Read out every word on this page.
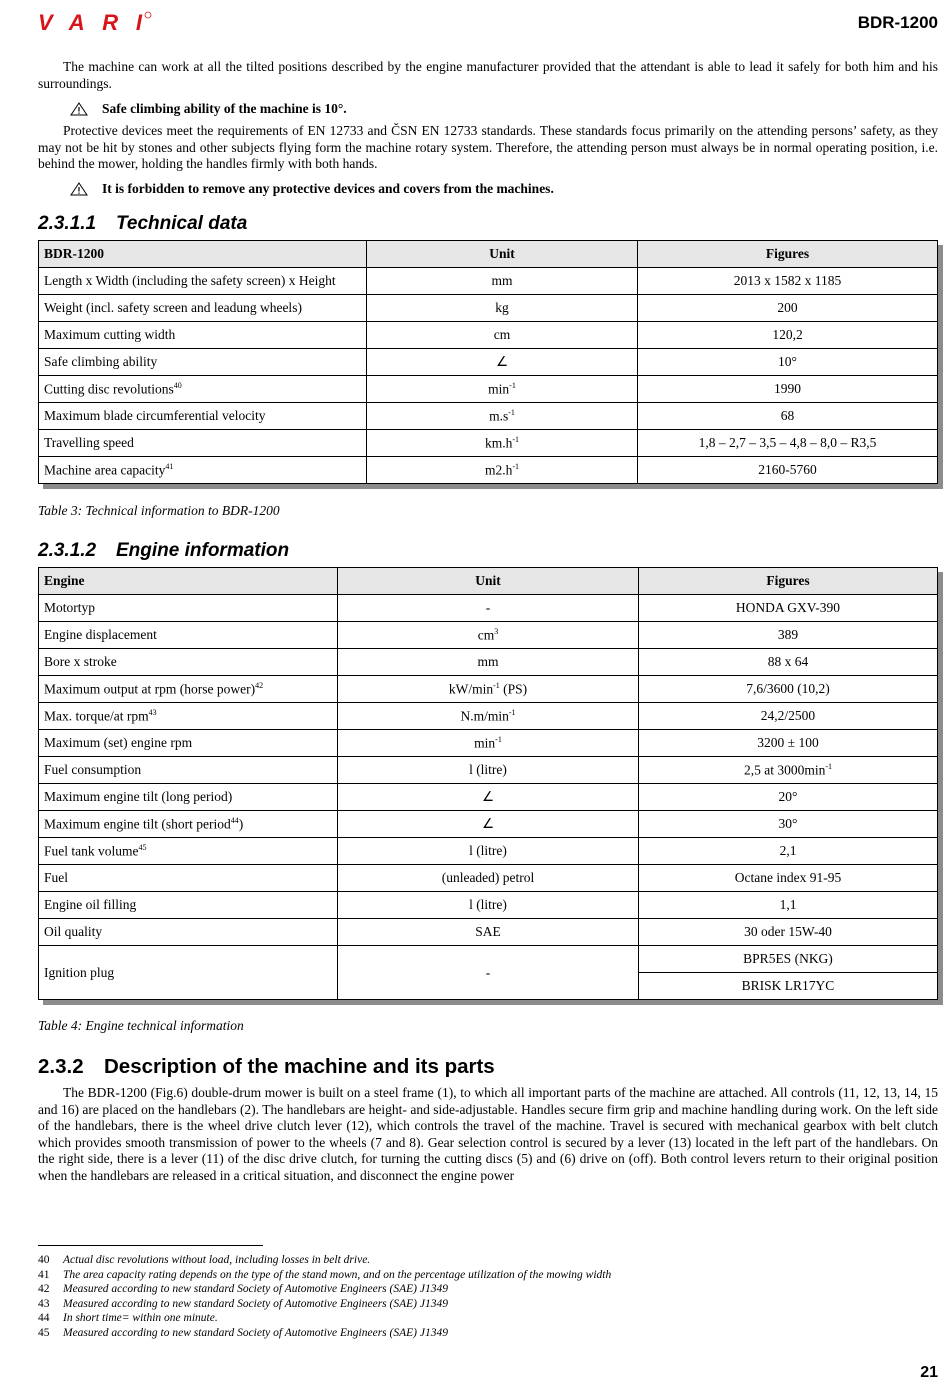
VARI	BDR-1200
The machine can work at all the tilted positions described by the engine manufacturer provided that the attendant is able to lead it safely for both him and his surroundings.
Safe climbing ability of the machine is 10°.
Protective devices meet the requirements of EN 12733 and ČSN EN 12733 standards. These standards focus primarily on the attending persons’ safety, as they may not be hit by stones and other subjects flying form the machine rotary system. Therefore, the attending person must always be in normal operating position, i.e. behind the mower, holding the handles firmly with both hands.
It is forbidden to remove any protective devices and covers from the machines.
2.3.1.1 Technical data
BDR-1200	Unit	Figures
Length x Width (including the safety screen) x Height	mm	2013 x 1582 x 1185
Weight (incl. safety screen and leadung wheels)	kg	200
Maximum cutting width	cm	120,2
Safe climbing ability	∠	10°
Cutting disc revolutions$^{40}$	$\min^{-1}$	1990
Maximum blade circumferential velocity	$m.s^{-1}$	68
Travelling speed	$km.h^{-1}$	1,8 – 2,7 – 3,5 – 4,8 – 8,0 – R3,5
Machine area capacity$^{41}$	$m2.h^{-1}$	2160-5760
Table 3: Technical information to BDR-1200
2.3.1.2 Engine information
Engine	Unit	Figures
Motortyp	-	HONDA GXV-390
Engine displacement	$cm^3$	389
Bore x stroke	mm	88 x 64
Maximum output at rpm (horse power)$^{42}$	$kW/\min^{-1}$ (PS)	7,6/3600 (10,2)
Max. torque/at rpm$^{43}$	$N.m/\min^{-1}$	24,2/2500
Maximum (set) engine rpm	$\min^{-1}$	3200 ± 100
Fuel consumption	l (litre)	2,5 at $3000\min^{-1}$
Maximum engine tilt (long period)	∠	20°
Maximum engine tilt (short period$^{44}$)	∠	30°
Fuel tank volume$^{45}$	l (litre)	2,1
Fuel	(unleaded) petrol	Octane index 91-95
Engine oil filling	l (litre)	1,1
Oil quality	SAE	30 oder 15W-40
Ignition plug	-	BPR5ES (NKG)
		BRISK LR17YC
Table 4: Engine technical information
2.3.2 Description of the machine and its parts
The BDR-1200 (Fig.6) double-drum mower is built on a steel frame (1), to which all important parts of the machine are attached. All controls (11, 12, 13, 14, 15 and 16) are placed on the handlebars (2). The handlebars are height- and side-adjustable. Handles secure firm grip and machine handling during work. On the left side of the handlebars, there is the wheel drive clutch lever (12), which controls the travel of the machine. Travel is secured with mechanical gearbox with belt clutch which provides smooth transmission of power to the wheels (7 and 8). Gear selection control is secured by a lever (13) located in the left part of the handlebars. On the right side, there is a lever (11) of the disc drive clutch, for turning the cutting discs (5) and (6) drive on (off). Both control levers return to their original position when the handlebars are released in a critical situation, and disconnect the engine power
40	Actual disc revolutions without load, including losses in belt drive.
41	The area capacity rating depends on the type of the stand mown, and on the percentage utilization of the mowing width
42	Measured according to new standard Society of Automotive Engineers (SAE) J1349
43	Measured according to new standard Society of Automotive Engineers (SAE) J1349
44	In short time= within one minute.
45	Measured according to new standard Society of Automotive Engineers (SAE) J1349
21
